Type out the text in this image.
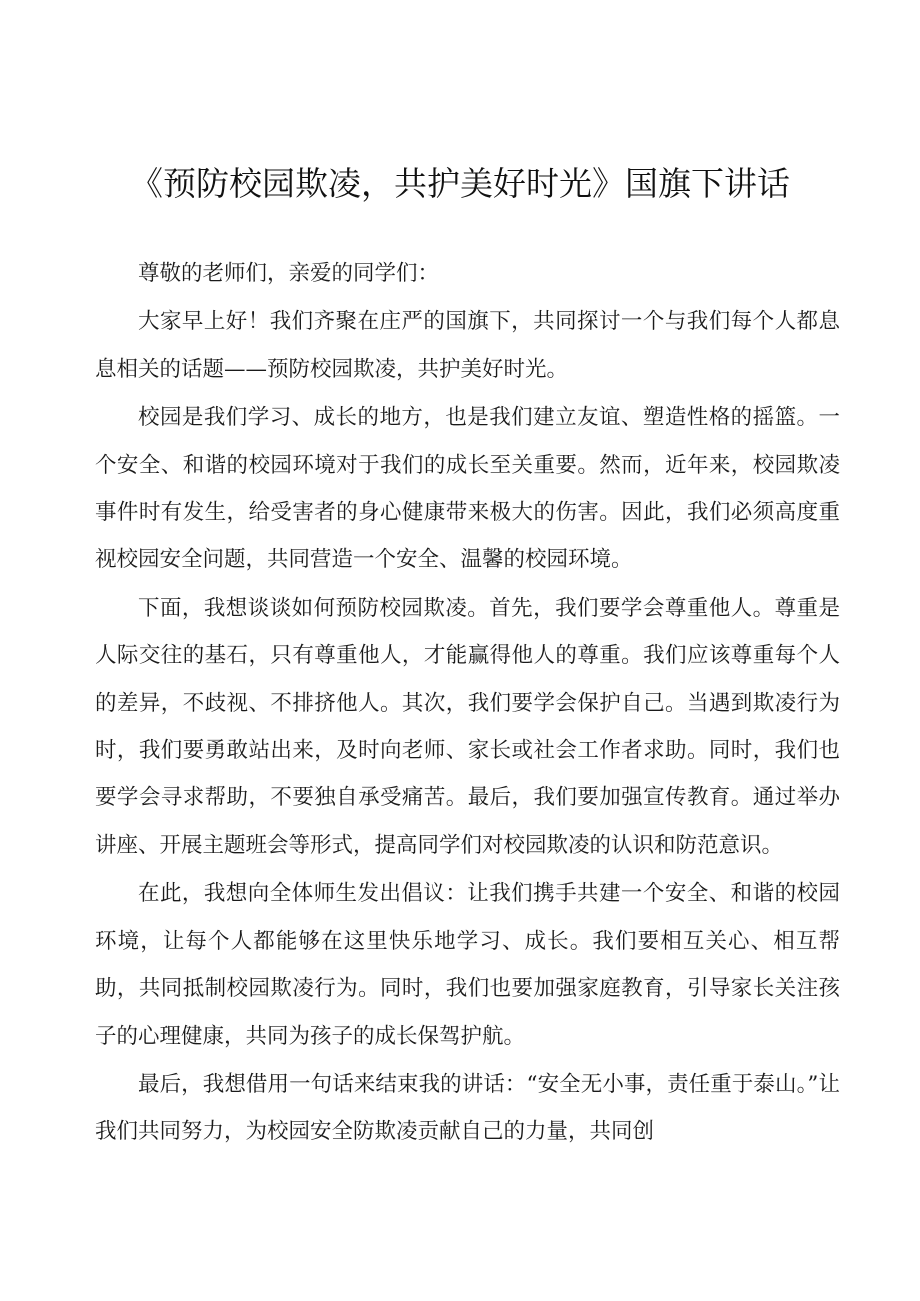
《预防校园欺凌，共护美好时光》国旗下讲话

尊敬的老师们，亲爱的同学们：

大家早上好！我们齐聚在庄严的国旗下，共同探讨一个与我们每个人都息息相关的话题——预防校园欺凌，共护美好时光。

校园是我们学习、成长的地方，也是我们建立友谊、塑造性格的摇篮。一个安全、和谐的校园环境对于我们的成长至关重要。然而，近年来，校园欺凌事件时有发生，给受害者的身心健康带来极大的伤害。因此，我们必须高度重视校园安全问题，共同营造一个安全、温馨的校园环境。

下面，我想谈谈如何预防校园欺凌。首先，我们要学会尊重他人。尊重是人际交往的基石，只有尊重他人，才能赢得他人的尊重。我们应该尊重每个人的差异，不歧视、不排挤他人。其次，我们要学会保护自己。当遇到欺凌行为时，我们要勇敢站出来，及时向老师、家长或社会工作者求助。同时，我们也要学会寻求帮助，不要独自承受痛苦。最后，我们要加强宣传教育。通过举办讲座、开展主题班会等形式，提高同学们对校园欺凌的认识和防范意识。

在此，我想向全体师生发出倡议：让我们携手共建一个安全、和谐的校园环境，让每个人都能够在这里快乐地学习、成长。我们要相互关心、相互帮助，共同抵制校园欺凌行为。同时，我们也要加强家庭教育，引导家长关注孩子的心理健康，共同为孩子的成长保驾护航。

最后，我想借用一句话来结束我的讲话：“安全无小事，责任重于泰山。”让我们共同努力，为校园安全防欺凌贡献自己的力量，共同创
